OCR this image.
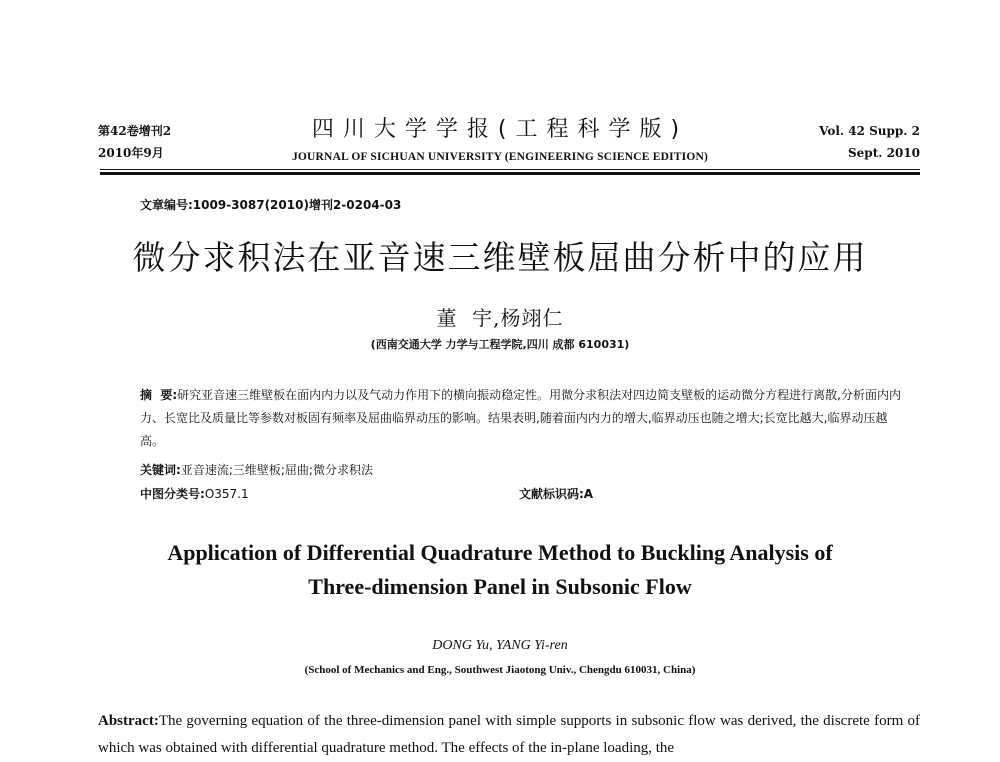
第42卷增刊2
2010年9月
四川大学学报(工程科学版)
JOURNAL OF SICHUAN UNIVERSITY (ENGINEERING SCIENCE EDITION)
Vol. 42 Supp. 2
Sept. 2010
文章编号:1009-3087(2010)增刊2-0204-03
微分求积法在亚音速三维壁板屈曲分析中的应用
董  宇,杨翊仁
(西南交通大学 力学与工程学院,四川 成都 610031)
摘  要:研究亚音速三维壁板在面内内力以及气动力作用下的横向振动稳定性。用微分求积法对四边简支壁板的运动微分方程进行离散,分析面内内力、长宽比及质量比等参数对板固有频率及屈曲临界动压的影响。结果表明,随着面内内力的增大,临界动压也随之增大;长宽比越大,临界动压越高。
关键词:亚音速流;三维壁板;屈曲;微分求积法
中图分类号:O357.1	文献标识码:A
Application of Differential Quadrature Method to Buckling Analysis of
Three-dimension Panel in Subsonic Flow
DONG Yu, YANG Yi-ren
(School of Mechanics and Eng., Southwest Jiaotong Univ., Chengdu 610031, China)
Abstract:The governing equation of the three-dimension panel with simple supports in subsonic flow was derived, the discrete form of which was obtained with differential quadrature method. The effects of the in-plane loading, the
